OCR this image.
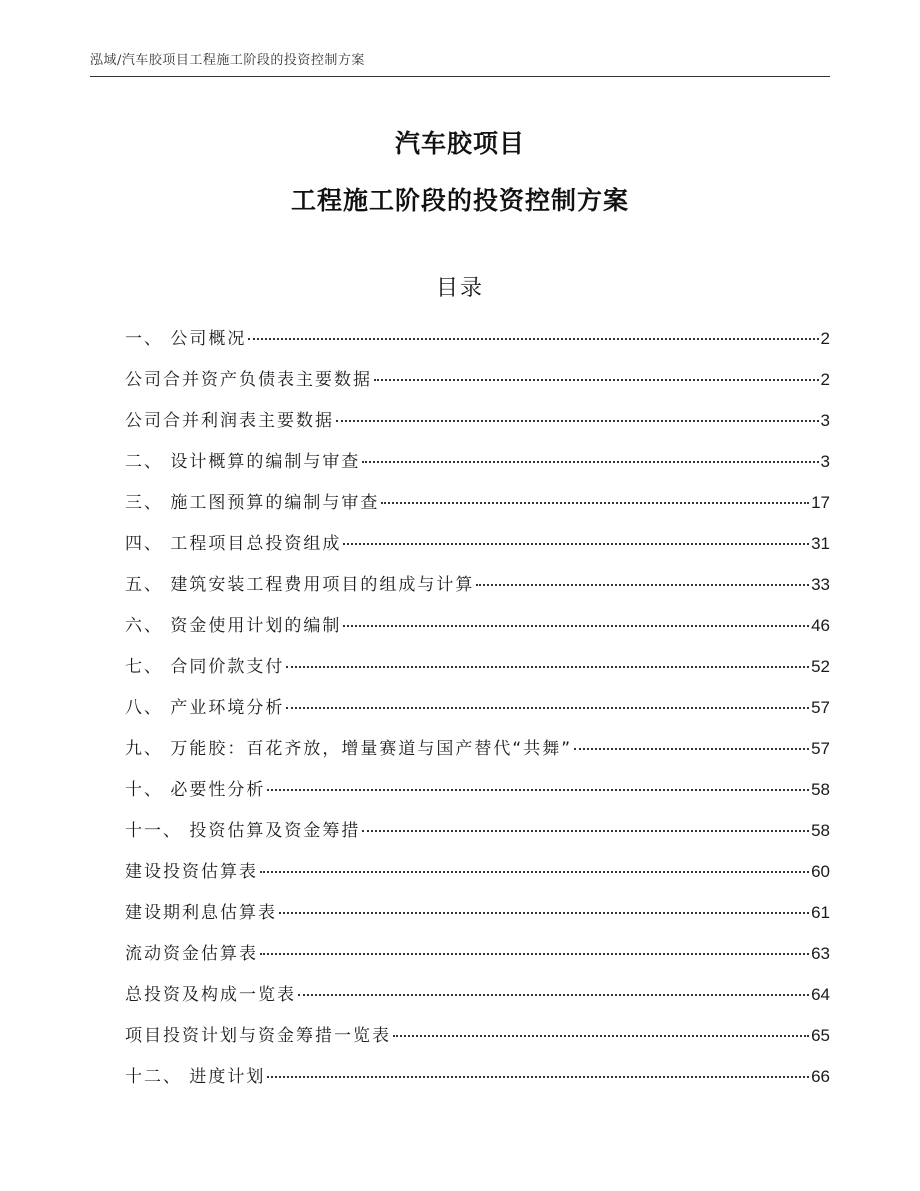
泓域/汽车胶项目工程施工阶段的投资控制方案
汽车胶项目
工程施工阶段的投资控制方案
目录
一、 公司概况	2
公司合并资产负债表主要数据	2
公司合并利润表主要数据	3
二、 设计概算的编制与审查	3
三、 施工图预算的编制与审查	17
四、 工程项目总投资组成	31
五、 建筑安装工程费用项目的组成与计算	33
六、 资金使用计划的编制	46
七、 合同价款支付	52
八、 产业环境分析	57
九、 万能胶：百花齐放，增量赛道与国产替代“共舞”	57
十、 必要性分析	58
十一、 投资估算及资金筹措	58
建设投资估算表	60
建设期利息估算表	61
流动资金估算表	63
总投资及构成一览表	64
项目投资计划与资金筹措一览表	65
十二、 进度计划	66
